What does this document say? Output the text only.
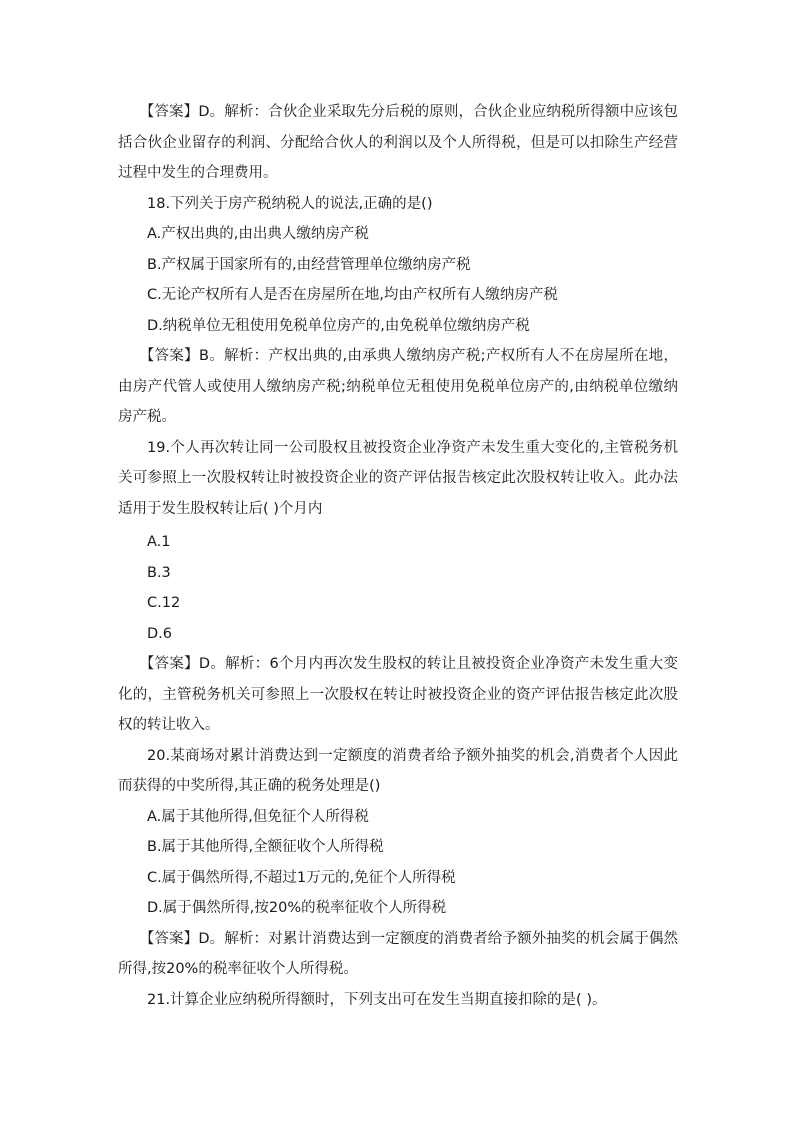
【答案】D。解析：合伙企业采取先分后税的原则，合伙企业应纳税所得额中应该包括合伙企业留存的利润、分配给合伙人的利润以及个人所得税，但是可以扣除生产经营过程中发生的合理费用。

18.下列关于房产税纳税人的说法,正确的是()

A.产权出典的,由出典人缴纳房产税

B.产权属于国家所有的,由经营管理单位缴纳房产税

C.无论产权所有人是否在房屋所在地,均由产权所有人缴纳房产税

D.纳税单位无租使用免税单位房产的,由免税单位缴纳房产税

【答案】B。解析：产权出典的,由承典人缴纳房产税;产权所有人不在房屋所在地，由房产代管人或使用人缴纳房产税;纳税单位无租使用免税单位房产的,由纳税单位缴纳房产税。

19.个人再次转让同一公司股权且被投资企业净资产未发生重大变化的,主管税务机关可参照上一次股权转让时被投资企业的资产评估报告核定此次股权转让收入。此办法适用于发生股权转让后( )个月内

A.1

B.3

C.12

D.6

【答案】D。解析：6个月内再次发生股权的转让且被投资企业净资产未发生重大变化的，主管税务机关可参照上一次股权在转让时被投资企业的资产评估报告核定此次股权的转让收入。

20.某商场对累计消费达到一定额度的消费者给予额外抽奖的机会,消费者个人因此而获得的中奖所得,其正确的税务处理是()

A.属于其他所得,但免征个人所得税

B.属于其他所得,全额征收个人所得税

C.属于偶然所得,不超过1万元的,免征个人所得税

D.属于偶然所得,按20%的税率征收个人所得税

【答案】D。解析：对累计消费达到一定额度的消费者给予额外抽奖的机会属于偶然所得,按20%的税率征收个人所得税。

21.计算企业应纳税所得额时，下列支出可在发生当期直接扣除的是( )。
